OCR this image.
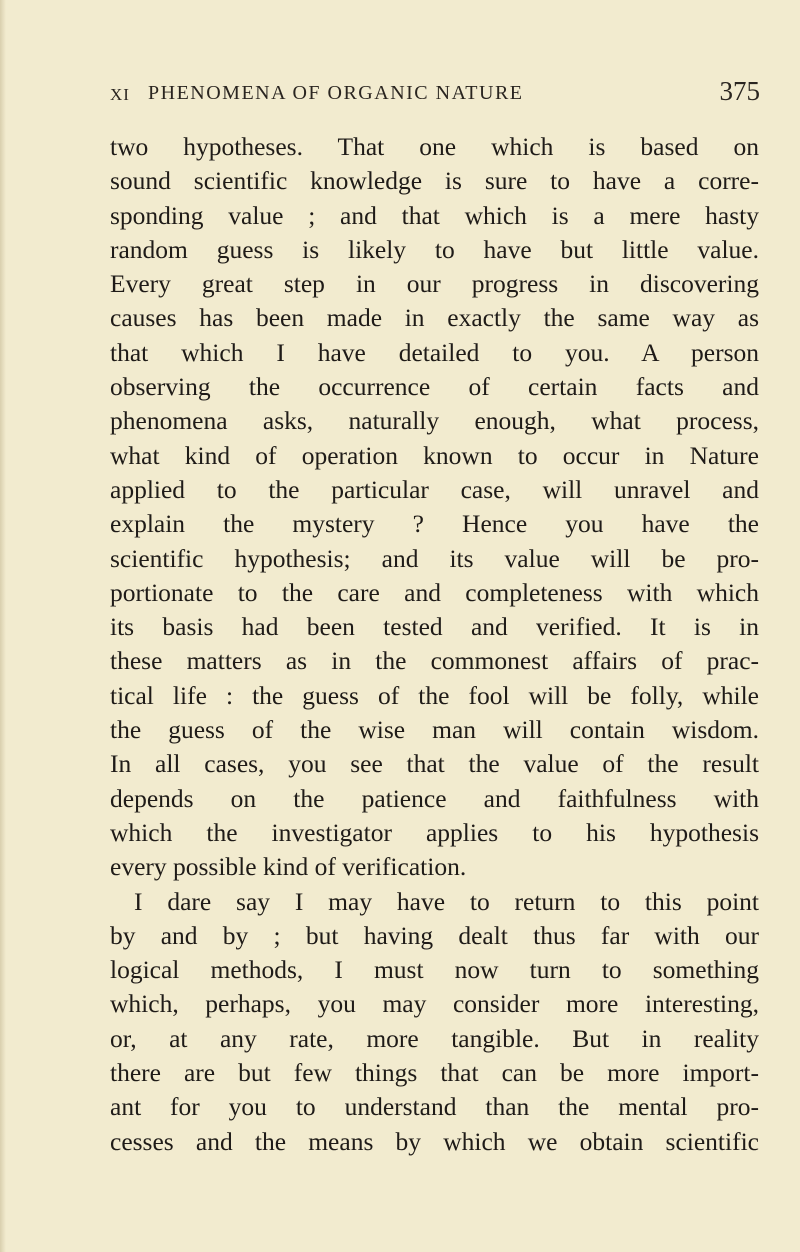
XI PHENOMENA OF ORGANIC NATURE	375
two hypotheses. That one which is based on
sound scientific knowledge is sure to have a corre-
sponding value ; and that which is a mere hasty
random guess is likely to have but little value.
Every great step in our progress in discovering
causes has been made in exactly the same way as
that which I have detailed to you. A person
observing the occurrence of certain facts and
phenomena asks, naturally enough, what process,
what kind of operation known to occur in Nature
applied to the particular case, will unravel and
explain the mystery ? Hence you have the
scientific hypothesis; and its value will be pro-
portionate to the care and completeness with which
its basis had been tested and verified. It is in
these matters as in the commonest affairs of prac-
tical life : the guess of the fool will be folly, while
the guess of the wise man will contain wisdom.
In all cases, you see that the value of the result
depends on the patience and faithfulness with
which the investigator applies to his hypothesis
every possible kind of verification.
I dare say I may have to return to this point
by and by ; but having dealt thus far with our
logical methods, I must now turn to something
which, perhaps, you may consider more interesting,
or, at any rate, more tangible. But in reality
there are but few things that can be more import-
ant for you to understand than the mental pro-
cesses and the means by which we obtain scientific
